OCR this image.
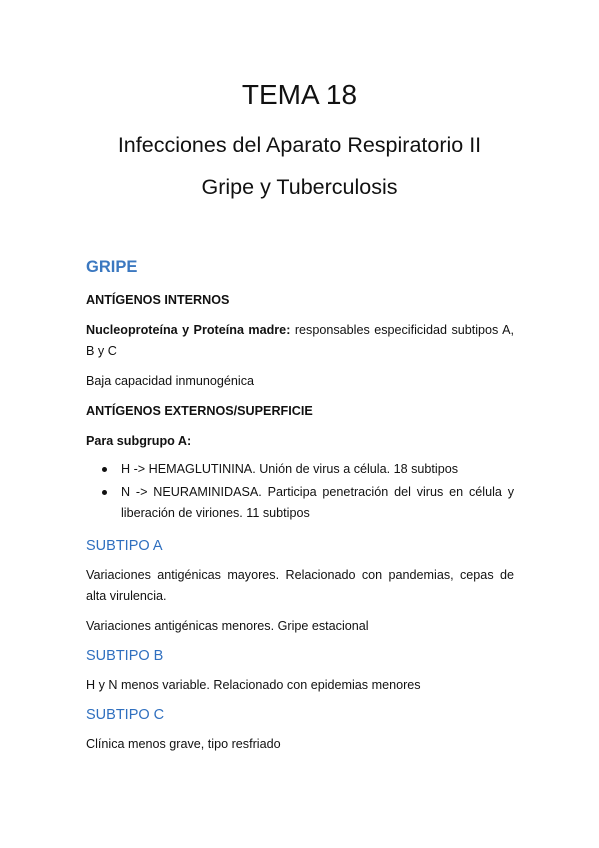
TEMA 18
Infecciones del Aparato Respiratorio II
Gripe y Tuberculosis
GRIPE
ANTÍGENOS INTERNOS
Nucleoproteína y Proteína madre: responsables especificidad subtipos A, B y C
Baja capacidad inmunogénica
ANTÍGENOS EXTERNOS/SUPERFICIE
Para subgrupo A:
H -> HEMAGLUTININA. Unión de virus a célula. 18 subtipos
N -> NEURAMINIDASA. Participa penetración del virus en célula y liberación de viriones. 11 subtipos
SUBTIPO A
Variaciones antigénicas mayores. Relacionado con pandemias, cepas de alta virulencia.
Variaciones antigénicas menores. Gripe estacional
SUBTIPO B
H y N menos variable. Relacionado con epidemias menores
SUBTIPO C
Clínica menos grave, tipo resfriado
